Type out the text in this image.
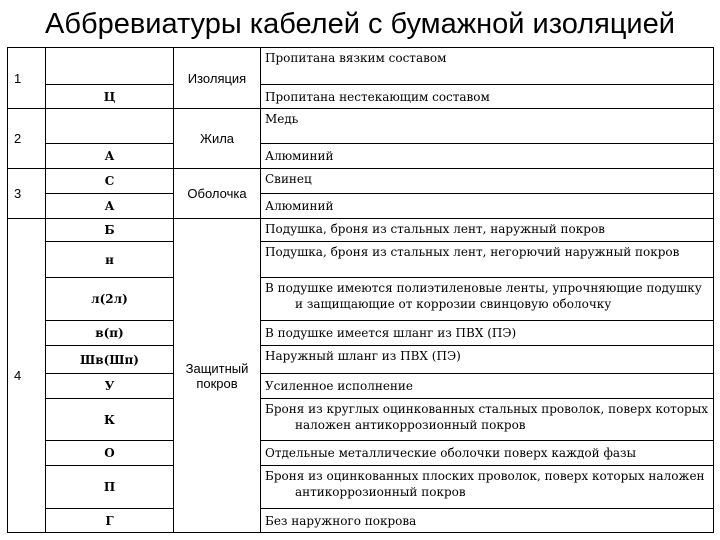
Аббревиатуры кабелей с бумажной изоляцией
1		Изоляция	Пропитана вязким составом
	Ц		Пропитана нестекающим составом
2		Жила	Медь
	А		Алюминий
3	С	Оболочка	Свинец
	А		Алюминий
4	Б	Защитный покров	Подушка, броня из стальных лент, наружный покров
	н		Подушка, броня из стальных лент, негорючий наружный покров
	л(2л)		В подушке имеются полиэтиленовые ленты, упрочняющие подушку и защищающие от коррозии свинцовую оболочку

	в(п)		В подушке имеется шланг из ПВХ (ПЭ)
	Шв(Шп)		Наружный шланг из ПВХ (ПЭ)
	У		Усиленное исполнение
	К		Броня из круглых оцинкованных стальных проволок, поверх которых наложен антикоррозионный покров

	О		Отдельные металлические оболочки поверх каждой фазы
	П		Броня из оцинкованных плоских проволок, поверх которых наложен антикоррозионный покров

	Г		Без наружного покрова
